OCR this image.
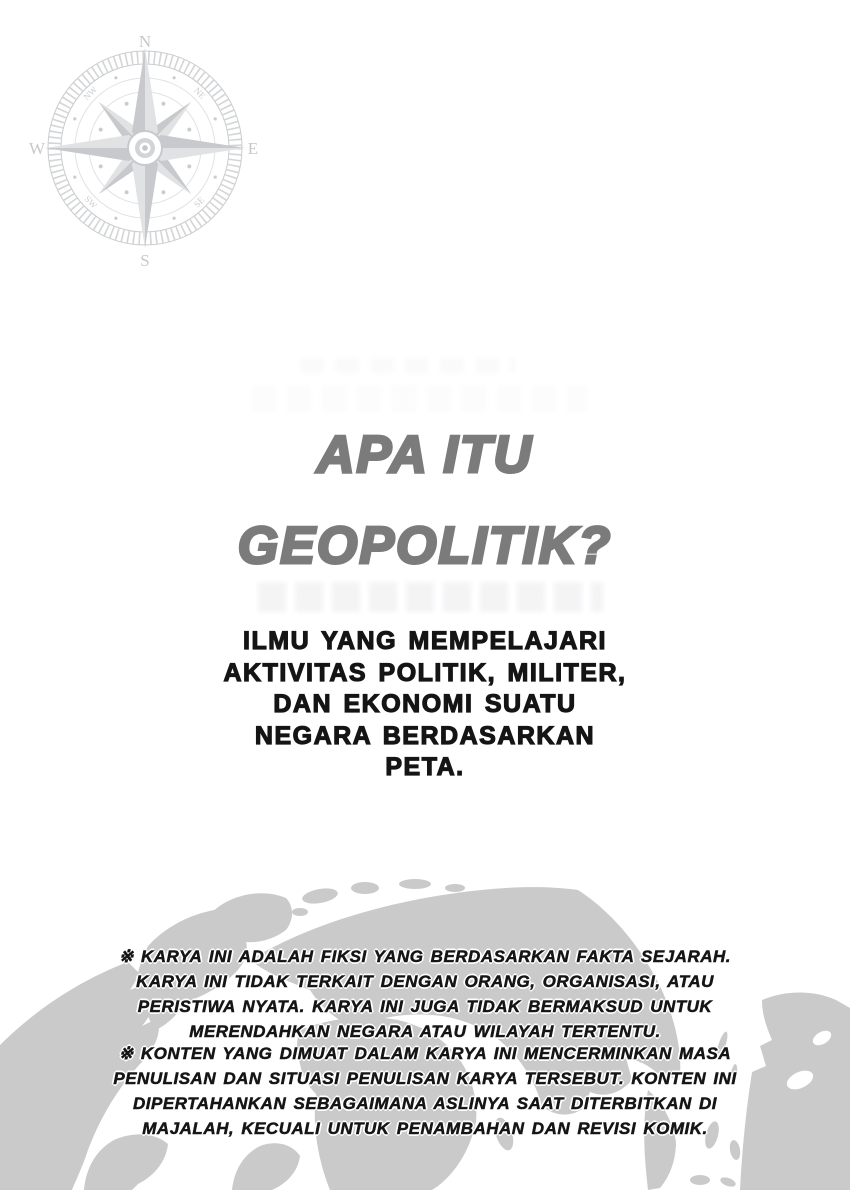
N
E
S
W
NW	NE
SE
SW
APA ITU
GEOPOLITIK?
ILMU YANG MEMPELAJARI
AKTIVITAS POLITIK, MILITER,
DAN EKONOMI SUATU
NEGARA BERDASARKAN
PETA.
※ KARYA INI ADALAH FIKSI YANG BERDASARKAN FAKTA SEJARAH.
KARYA INI TIDAK TERKAIT DENGAN ORANG, ORGANISASI, ATAU
PERISTIWA NYATA. KARYA INI JUGA TIDAK BERMAKSUD UNTUK
MERENDAHKAN NEGARA ATAU WILAYAH TERTENTU.
※ KONTEN YANG DIMUAT DALAM KARYA INI MENCERMINKAN MASA
PENULISAN DAN SITUASI PENULISAN KARYA TERSEBUT. KONTEN INI
DIPERTAHANKAN SEBAGAIMANA ASLINYA SAAT DITERBITKAN DI
MAJALAH, KECUALI UNTUK PENAMBAHAN DAN REVISI KOMIK.
